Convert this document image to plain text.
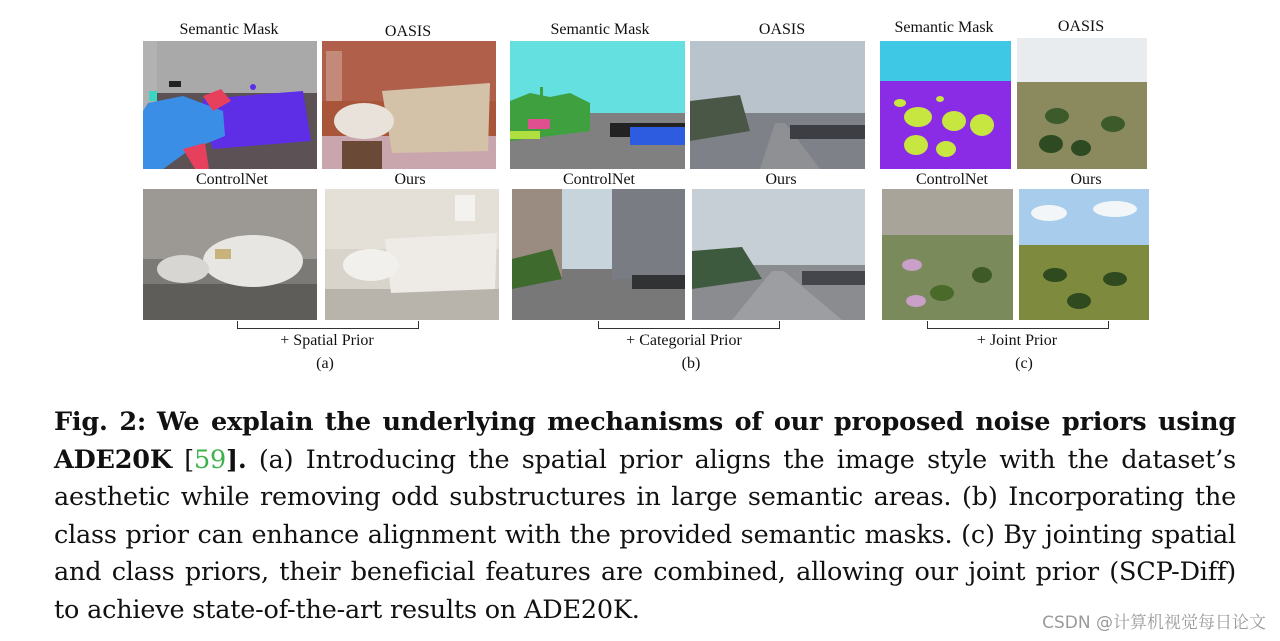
Semantic Mask	OASIS
ControlNet	Ours
+ Spatial Prior
(a)
Semantic Mask	OASIS
ControlNet	Ours
+ Categorial Prior
(b)
Semantic Mask	OASIS
ControlNet	Ours
+ Joint Prior
(c)
Fig. 2: We explain the underlying mechanisms of our proposed noise priors using ADE20K [59]. (a) Introducing the spatial prior aligns the image style with the dataset’s aesthetic while removing odd substructures in large semantic areas. (b) Incorporating the class prior can enhance alignment with the provided semantic masks. (c) By jointing spatial and class priors, their beneficial features are combined, allowing our joint prior (SCP-Diff) to achieve state-of-the-art results on ADE20K.	CSDN @计算机视觉每日论文
